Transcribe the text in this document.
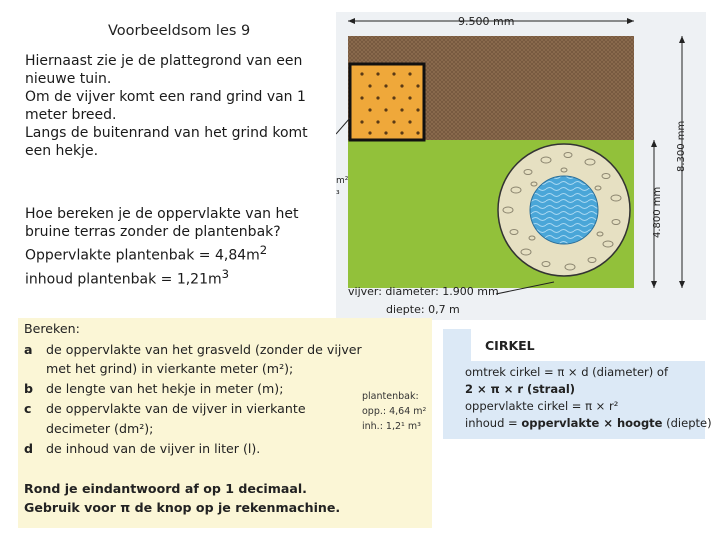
Voorbeeldsom les 9

Hiernaast zie je de plattegrond van een

nieuwe tuin.

Om de vijver komt een rand grind van 1

meter breed.

Langs de buitenrand van het grind komt

een hekje.

Hoe bereken je de oppervlakte van het

bruine terras zonder de plantenbak?

Oppervlakte plantenbak = $4,84m^2$

inhoud plantenbak = $1,21m^3$

9.500 mm
8.300 mm
4.800 mm
m²
³
vijver: diameter: 1.900 mm
diepte: 0,7 m
Bereken:
a de oppervlakte van het grasveld (zonder de vijver
met het grind) in vierkante meter (m²);
b de lengte van het hekje in meter (m);
c de oppervlakte van de vijver in vierkante
decimeter (dm²);
d de inhoud van de vijver in liter (l).
Rond je eindantwoord af op 1 decimaal.
Gebruik voor π de knop op je rekenmachine.
plantenbak:
opp.: 4,64 m²
inh.: 1,2¹ m³
CIRKEL
omtrek cirkel = π × d (diameter) of
2 × π × r (straal)
oppervlakte cirkel = π × r²
inhoud = oppervlakte × hoogte (diepte)
